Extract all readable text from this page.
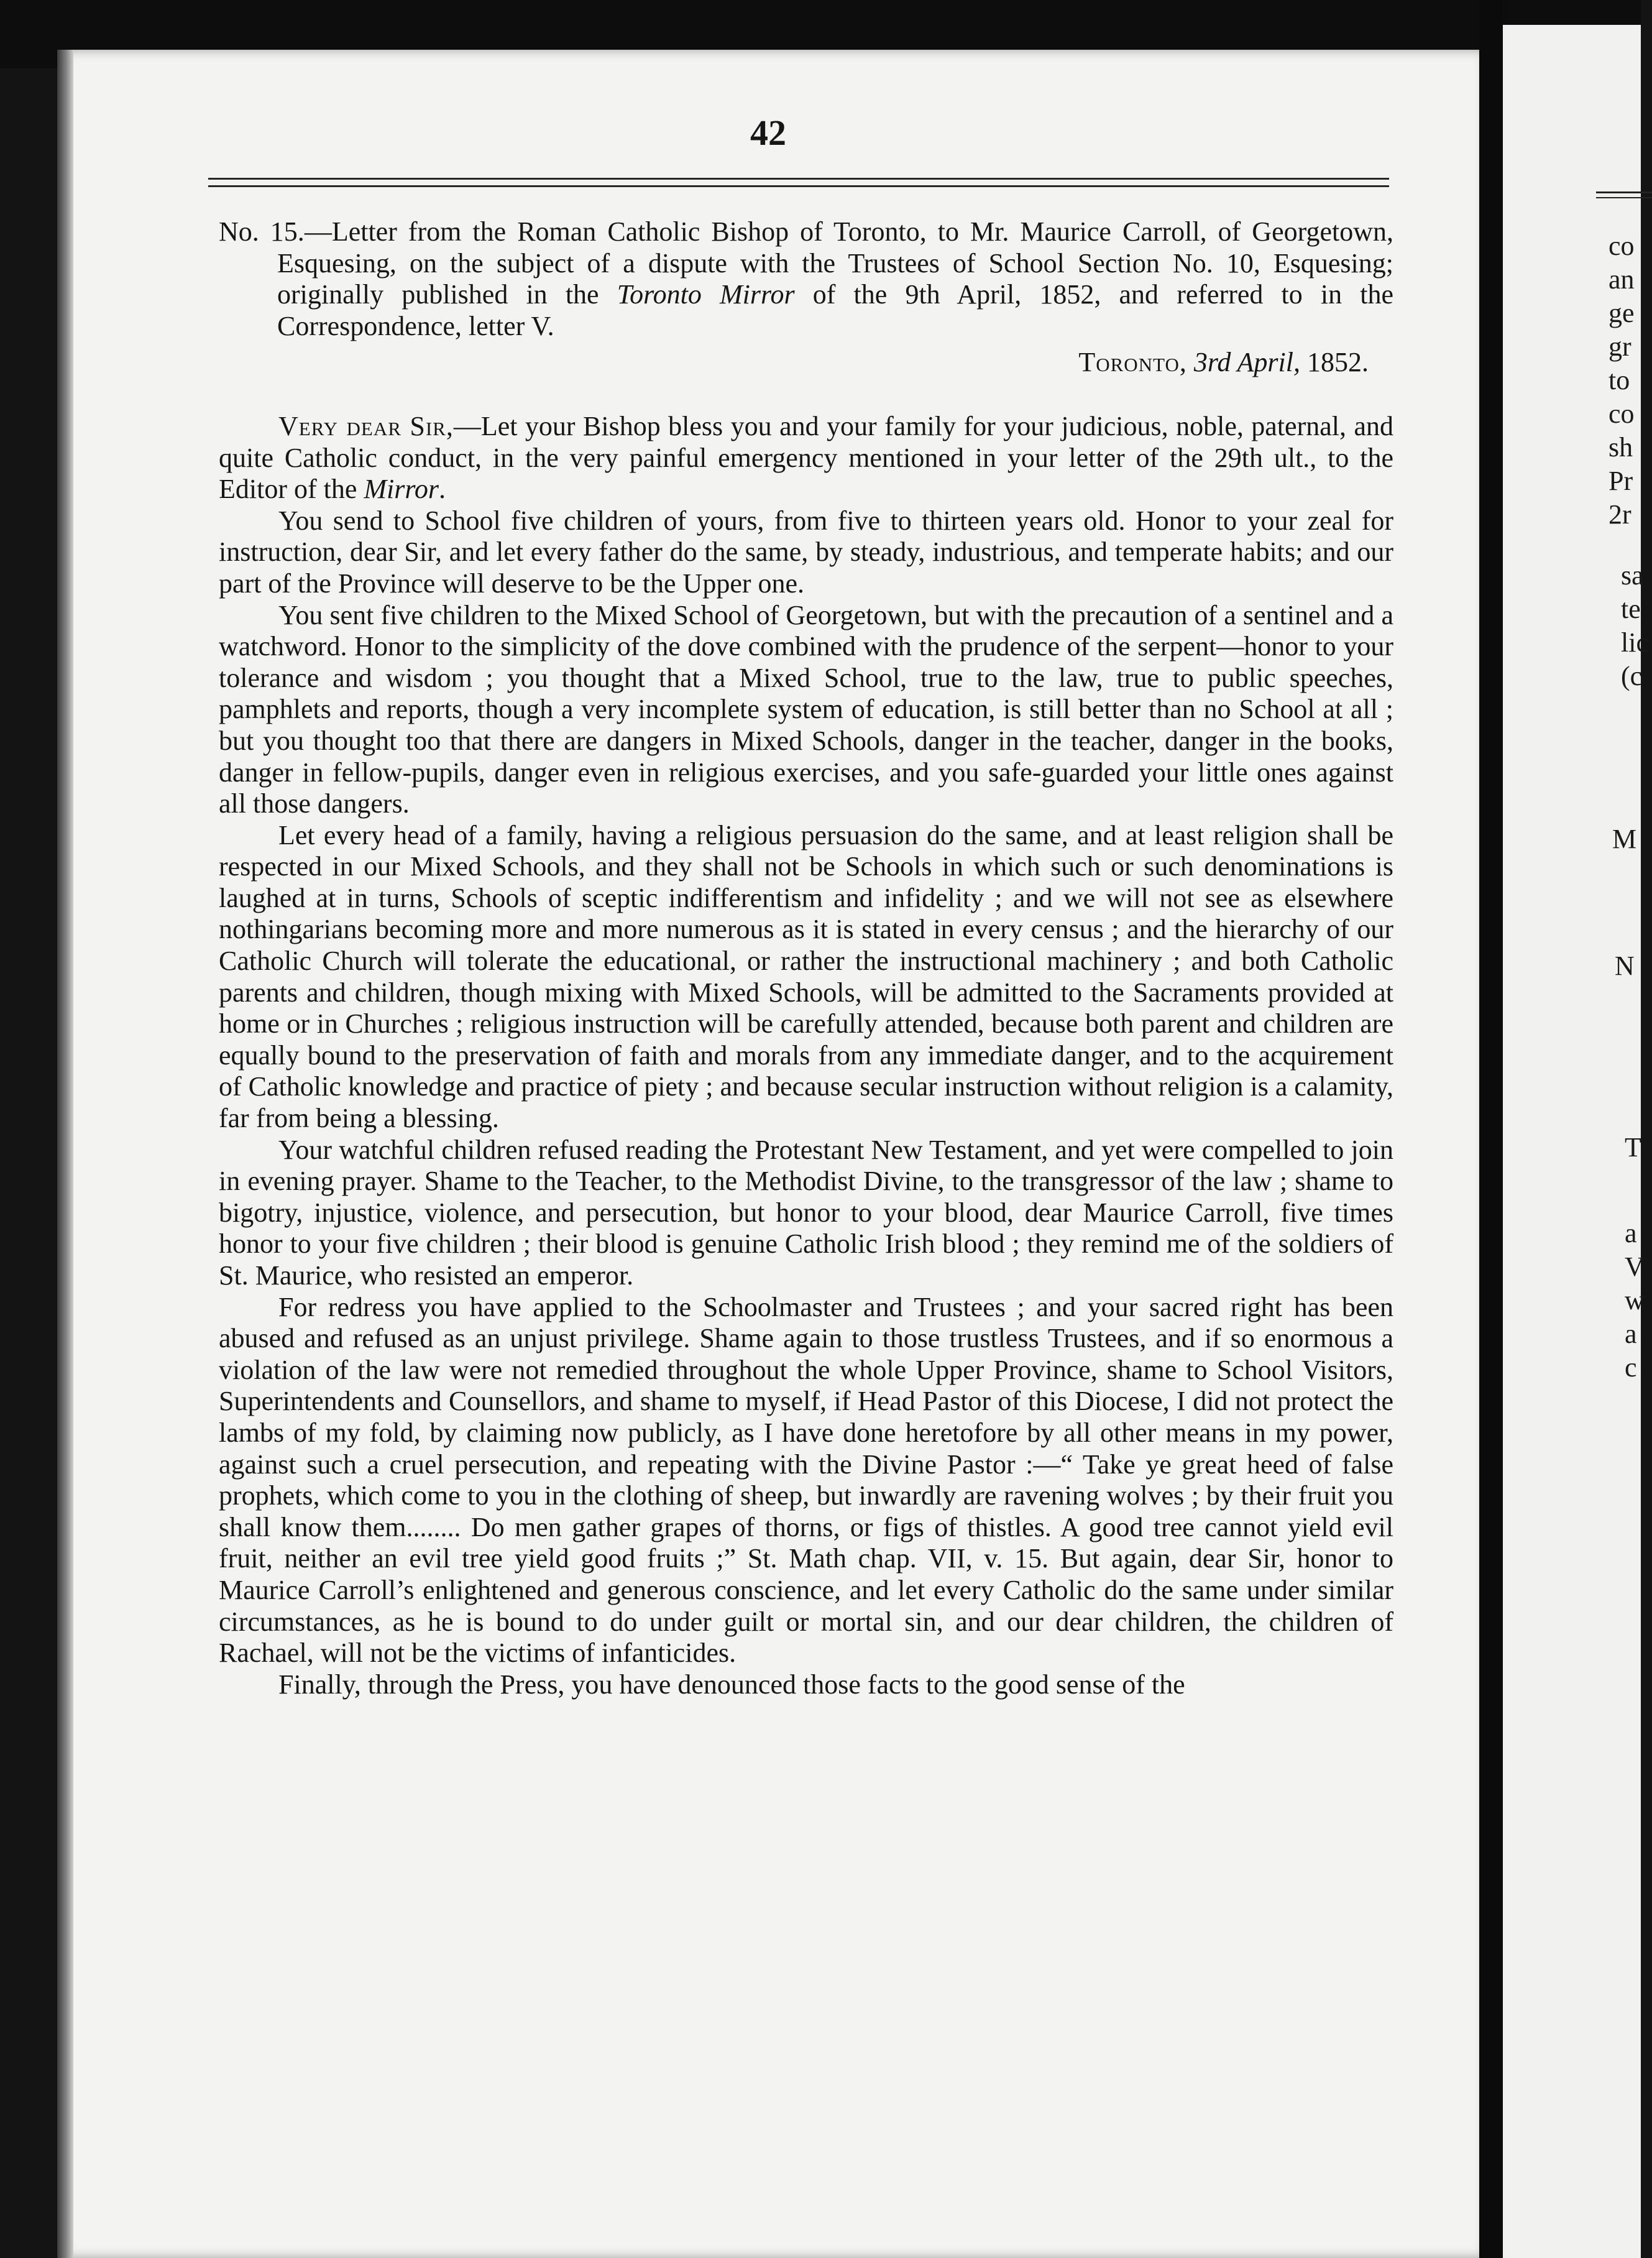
42

No. 15.—Letter from the Roman Catholic Bishop of Toronto, to Mr. Maurice Carroll, of Georgetown, Esquesing, on the subject of a dispute with the Trustees of School Section No. 10, Esquesing; originally published in the Toronto Mirror of the 9th April, 1852, and referred to in the Correspondence, letter V.

Toronto, 3rd April, 1852.

Very dear Sir,—Let your Bishop bless you and your family for your judicious, noble, paternal, and quite Catholic conduct, in the very painful emergency mentioned in your letter of the 29th ult., to the Editor of the Mirror.

You send to School five children of yours, from five to thirteen years old. Honor to your zeal for instruction, dear Sir, and let every father do the same, by steady, industrious, and temperate habits; and our part of the Province will deserve to be the Upper one.

You sent five children to the Mixed School of Georgetown, but with the precaution of a sentinel and a watchword. Honor to the simplicity of the dove combined with the prudence of the serpent—honor to your tolerance and wisdom ; you thought that a Mixed School, true to the law, true to public speeches, pamphlets and reports, though a very incomplete system of education, is still better than no School at all ; but you thought too that there are dangers in Mixed Schools, danger in the teacher, danger in the books, danger in fellow-pupils, danger even in religious exercises, and you safe-guarded your little ones against all those dangers.

Let every head of a family, having a religious persuasion do the same, and at least religion shall be respected in our Mixed Schools, and they shall not be Schools in which such or such denominations is laughed at in turns, Schools of sceptic indifferentism and infidelity ; and we will not see as elsewhere nothingarians becoming more and more numerous as it is stated in every census ; and the hierarchy of our Catholic Church will tolerate the educational, or rather the instructional machinery ; and both Catholic parents and children, though mixing with Mixed Schools, will be admitted to the Sacraments provided at home or in Churches ; religious instruction will be carefully attended, because both parent and children are equally bound to the preservation of faith and morals from any immediate danger, and to the acquirement of Catholic knowledge and practice of piety ; and because secular instruction without religion is a calamity, far from being a blessing.

Your watchful children refused reading the Protestant New Testament, and yet were compelled to join in evening prayer. Shame to the Teacher, to the Methodist Divine, to the transgressor of the law ; shame to bigotry, injustice, violence, and persecution, but honor to your blood, dear Maurice Carroll, five times honor to your five children ; their blood is genuine Catholic Irish blood ; they remind me of the soldiers of St. Maurice, who resisted an emperor.

For redress you have applied to the Schoolmaster and Trustees ; and your sacred right has been abused and refused as an unjust privilege. Shame again to those trustless Trustees, and if so enormous a violation of the law were not remedied throughout the whole Upper Province, shame to School Visitors, Superintendents and Counsellors, and shame to myself, if Head Pastor of this Diocese, I did not protect the lambs of my fold, by claiming now publicly, as I have done heretofore by all other means in my power, against such a cruel persecution, and repeating with the Divine Pastor :—“ Take ye great heed of false prophets, which come to you in the clothing of sheep, but inwardly are ravening wolves ; by their fruit you shall know them........ Do men gather grapes of thorns, or figs of thistles. A good tree cannot yield evil fruit, neither an evil tree yield good fruits ;” St. Math chap. VII, v. 15. But again, dear Sir, honor to Maurice Carroll’s enlightened and generous conscience, and let every Catholic do the same under similar circumstances, as he is bound to do under guilt or mortal sin, and our dear children, the children of Rachael, will not be the victims of infanticides.

Finally, through the Press, you have denounced those facts to the good sense of the

co
an
ge
gr
to
co
sh
Pr
2r
sa
te
lic
(c
M
N
T
a
V
w
a
c
